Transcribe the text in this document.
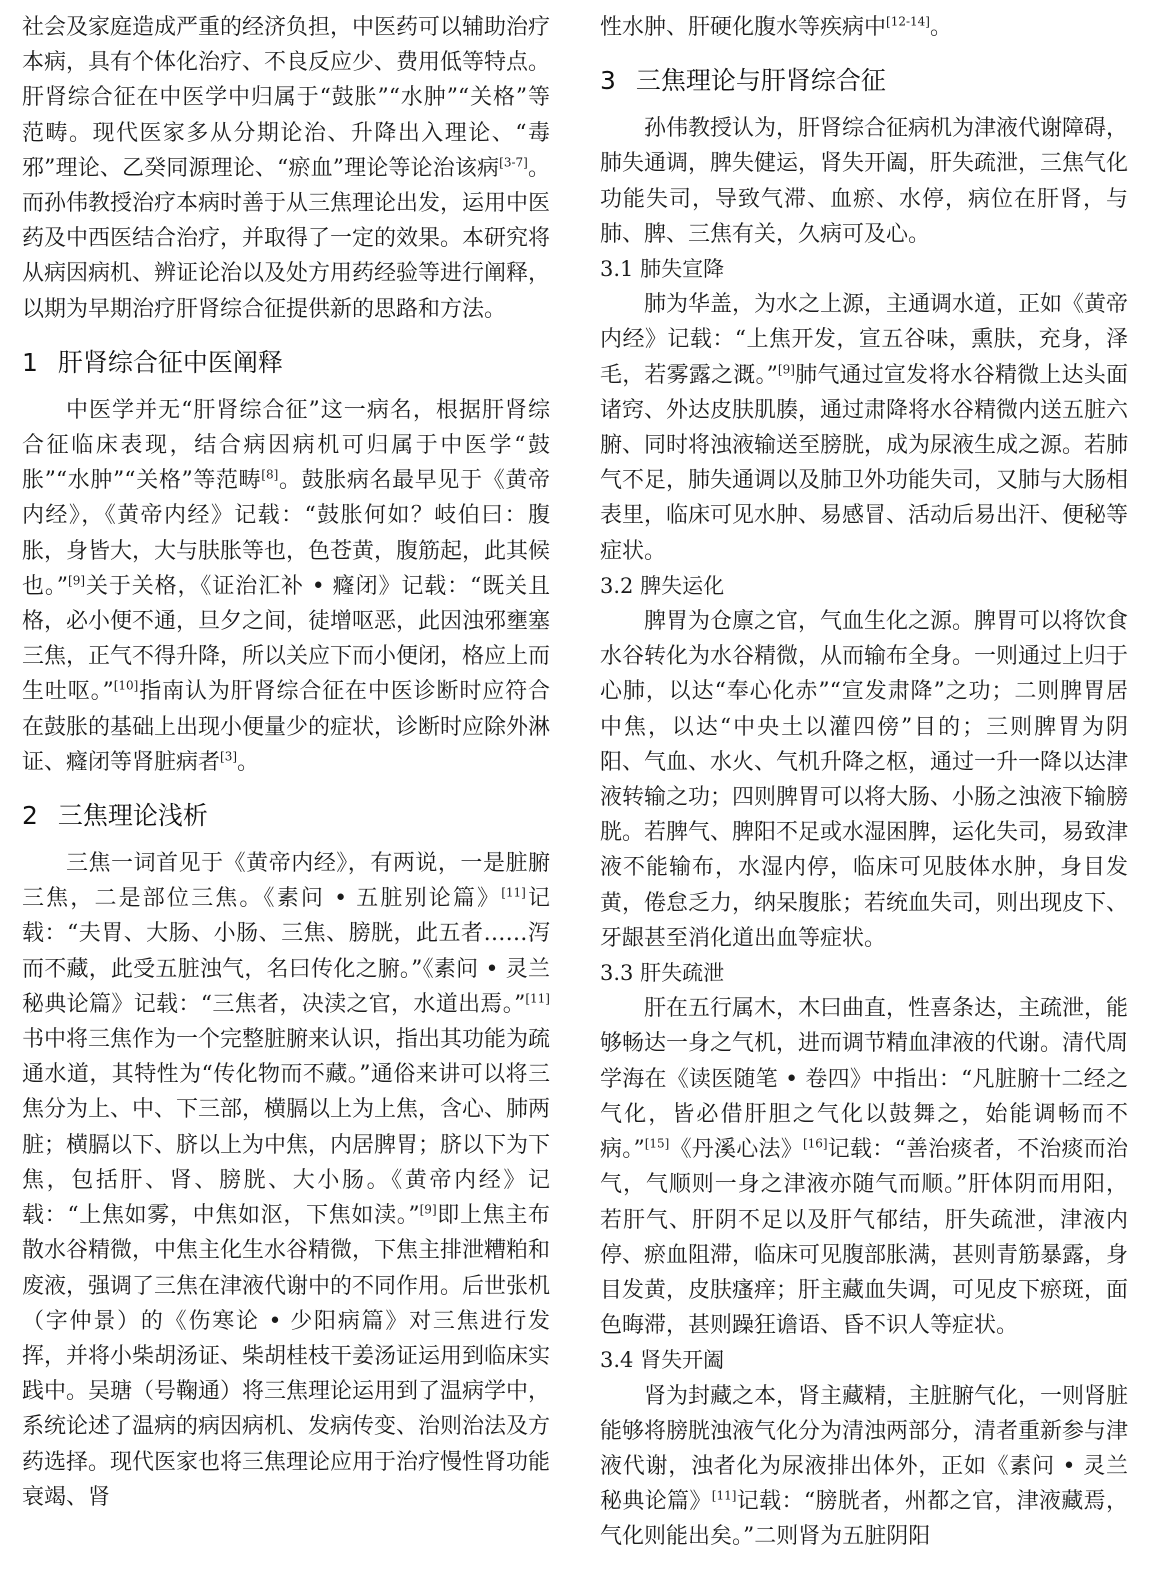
社会及家庭造成严重的经济负担，中医药可以辅助治疗本病，具有个体化治疗、不良反应少、费用低等特点。肝肾综合征在中医学中归属于“鼓胀”“水肿”“关格”等范畴。现代医家多从分期论治、升降出入理论、“毒邪”理论、乙癸同源理论、“瘀血”理论等论治该病[3-7]。而孙伟教授治疗本病时善于从三焦理论出发，运用中医药及中西医结合治疗，并取得了一定的效果。本研究将从病因病机、辨证论治以及处方用药经验等进行阐释，以期为早期治疗肝肾综合征提供新的思路和方法。

1 肝肾综合征中医阐释

中医学并无“肝肾综合征”这一病名，根据肝肾综合征临床表现，结合病因病机可归属于中医学“鼓胀”“水肿”“关格”等范畴[8]。鼓胀病名最早见于《黄帝内经》，《黄帝内经》记载：“鼓胀何如？岐伯曰：腹胀，身皆大，大与肤胀等也，色苍黄，腹筋起，此其候也。”[9]关于关格，《证治汇补 • 癃闭》记载：“既关且格，必小便不通，旦夕之间，徒增呕恶，此因浊邪壅塞三焦，正气不得升降，所以关应下而小便闭，格应上而生吐呕。”[10]指南认为肝肾综合征在中医诊断时应符合在鼓胀的基础上出现小便量少的症状，诊断时应除外淋证、癃闭等肾脏病者[3]。

2 三焦理论浅析

三焦一词首见于《黄帝内经》，有两说，一是脏腑三焦，二是部位三焦。《素问 • 五脏别论篇》[11]记载：“夫胃、大肠、小肠、三焦、膀胱，此五者……泻而不藏，此受五脏浊气，名曰传化之腑。”《素问 • 灵兰秘典论篇》记载：“三焦者，决渎之官，水道出焉。”[11]书中将三焦作为一个完整脏腑来认识，指出其功能为疏通水道，其特性为“传化物而不藏。”通俗来讲可以将三焦分为上、中、下三部，横膈以上为上焦，含心、肺两脏；横膈以下、脐以上为中焦，内居脾胃；脐以下为下焦，包括肝、肾、膀胱、大小肠。《黄帝内经》记载：“上焦如雾，中焦如沤，下焦如渎。”[9]即上焦主布散水谷精微，中焦主化生水谷精微，下焦主排泄糟粕和废液，强调了三焦在津液代谢中的不同作用。后世张机（字仲景）的《伤寒论 • 少阳病篇》对三焦进行发挥，并将小柴胡汤证、柴胡桂枝干姜汤证运用到临床实践中。吴瑭（号鞠通）将三焦理论运用到了温病学中，系统论述了温病的病因病机、发病传变、治则治法及方药选择。现代医家也将三焦理论应用于治疗慢性肾功能衰竭、肾

性水肿、肝硬化腹水等疾病中[12-14]。

3 三焦理论与肝肾综合征

孙伟教授认为，肝肾综合征病机为津液代谢障碍，肺失通调，脾失健运，肾失开阖，肝失疏泄，三焦气化功能失司，导致气滞、血瘀、水停，病位在肝肾，与肺、脾、三焦有关，久病可及心。

3.1 肺失宣降

肺为华盖，为水之上源，主通调水道，正如《黄帝内经》记载：“上焦开发，宣五谷味，熏肤，充身，泽毛，若雾露之溉。”[9]肺气通过宣发将水谷精微上达头面诸窍、外达皮肤肌腠，通过肃降将水谷精微内送五脏六腑、同时将浊液输送至膀胱，成为尿液生成之源。若肺气不足，肺失通调以及肺卫外功能失司，又肺与大肠相表里，临床可见水肿、易感冒、活动后易出汗、便秘等症状。

3.2 脾失运化

脾胃为仓廪之官，气血生化之源。脾胃可以将饮食水谷转化为水谷精微，从而输布全身。一则通过上归于心肺，以达“奉心化赤”“宣发肃降”之功；二则脾胃居中焦，以达“中央土以灌四傍”目的；三则脾胃为阴阳、气血、水火、气机升降之枢，通过一升一降以达津液转输之功；四则脾胃可以将大肠、小肠之浊液下输膀胱。若脾气、脾阳不足或水湿困脾，运化失司，易致津液不能输布，水湿内停，临床可见肢体水肿，身目发黄，倦怠乏力，纳呆腹胀；若统血失司，则出现皮下、牙龈甚至消化道出血等症状。

3.3 肝失疏泄

肝在五行属木，木曰曲直，性喜条达，主疏泄，能够畅达一身之气机，进而调节精血津液的代谢。清代周学海在《读医随笔 • 卷四》中指出：“凡脏腑十二经之气化，皆必借肝胆之气化以鼓舞之，始能调畅而不病。”[15]《丹溪心法》[16]记载：“善治痰者，不治痰而治气，气顺则一身之津液亦随气而顺。”肝体阴而用阳，若肝气、肝阴不足以及肝气郁结，肝失疏泄，津液内停、瘀血阻滞，临床可见腹部胀满，甚则青筋暴露，身目发黄，皮肤瘙痒；肝主藏血失调，可见皮下瘀斑，面色晦滞，甚则躁狂谵语、昏不识人等症状。

3.4 肾失开阖

肾为封藏之本，肾主藏精，主脏腑气化，一则肾脏能够将膀胱浊液气化分为清浊两部分，清者重新参与津液代谢，浊者化为尿液排出体外，正如《素问 • 灵兰秘典论篇》[11]记载：“膀胱者，州都之官，津液藏焉，气化则能出矣。”二则肾为五脏阴阳
